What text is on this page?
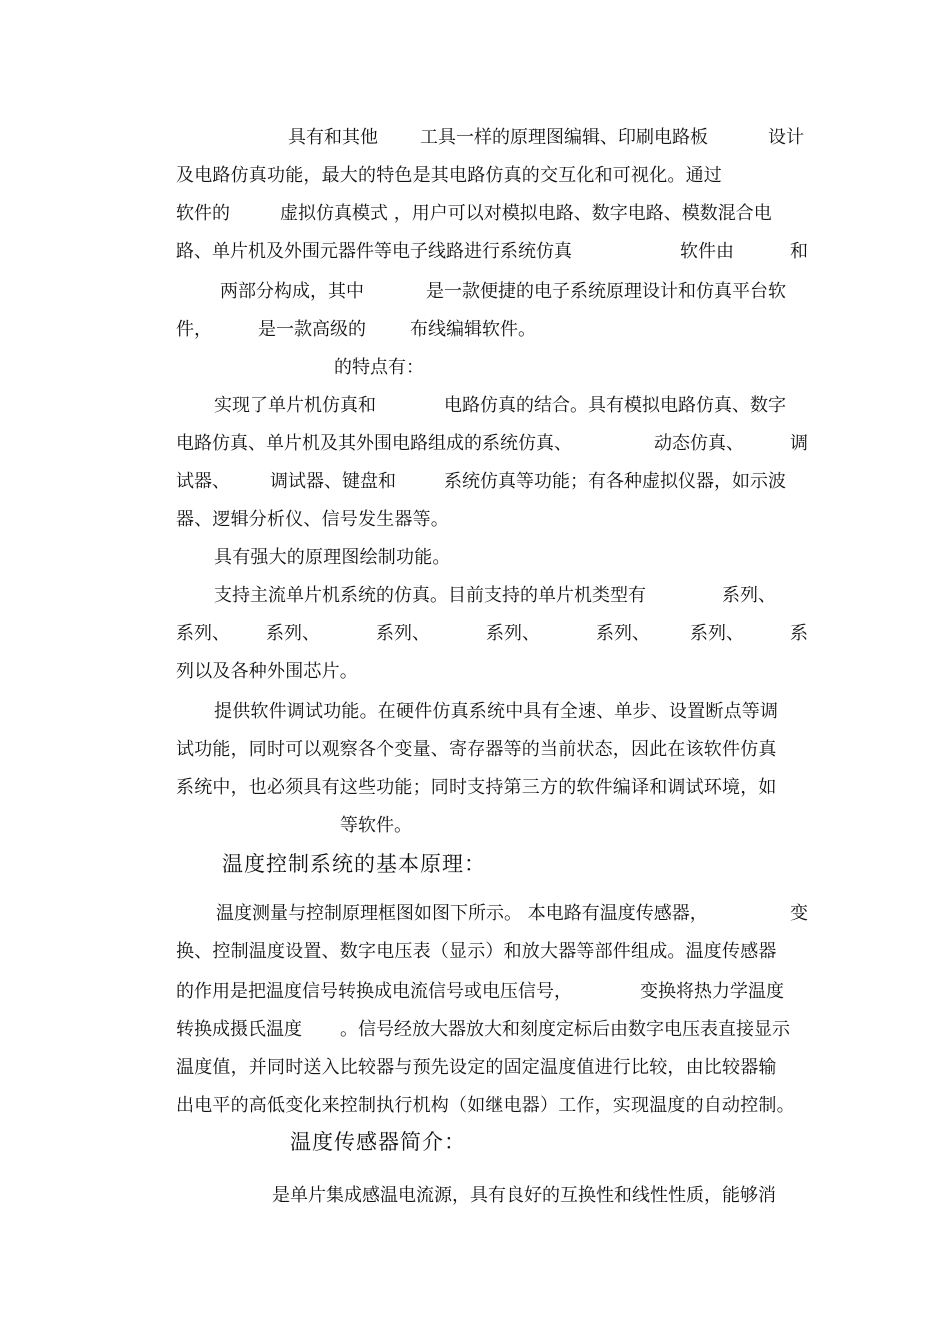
具有和其他 工具一样的原理图编辑、印刷电路板	设计
及电路仿真功能，最大的特色是其电路仿真的交互化和可视化。通过
软件的	虚拟仿真模式 ，用户可以对模拟电路、数字电路、模数混合电
路、单片机及外围元器件等电子线路进行系统仿真	软件由	和
两部分构成，其中	是一款便捷的电子系统原理设计和仿真平台软
件，	是一款高级的 布线编辑软件。
的特点有：
实现了单片机仿真和	电路仿真的结合。具有模拟电路仿真、数字
电路仿真、单片机及其外围电路组成的系统仿真、	动态仿真、	调
试器、 调试器、键盘和	系统仿真等功能；有各种虚拟仪器，如示波
器、逻辑分析仪、信号发生器等。
具有强大的原理图绘制功能。
支持主流单片机系统的仿真。目前支持的单片机类型有	系列、
系列、 系列、	系列、	系列、	系列、 系列、	系
列以及各种外围芯片。
提供软件调试功能。在硬件仿真系统中具有全速、单步、设置断点等调
试功能，同时可以观察各个变量、寄存器等的当前状态，因此在该软件仿真
系统中，也必须具有这些功能；同时支持第三方的软件编译和调试环境，如
等软件。
温度控制系统的基本原理：
温度测量与控制原理框图如图下所示。 本电路有温度传感器，	变
换、控制温度设置、数字电压表（显示）和放大器等部件组成。温度传感器
的作用是把温度信号转换成电流信号或电压信号，	变换将热力学温度
转换成摄氏温度 。信号经放大器放大和刻度定标后由数字电压表直接显示
温度值，并同时送入比较器与预先设定的固定温度值进行比较，由比较器输
出电平的高低变化来控制执行机构（如继电器）工作，实现温度的自动控制。
温度传感器简介：
是单片集成感温电流源，具有良好的互换性和线性性质，能够消
